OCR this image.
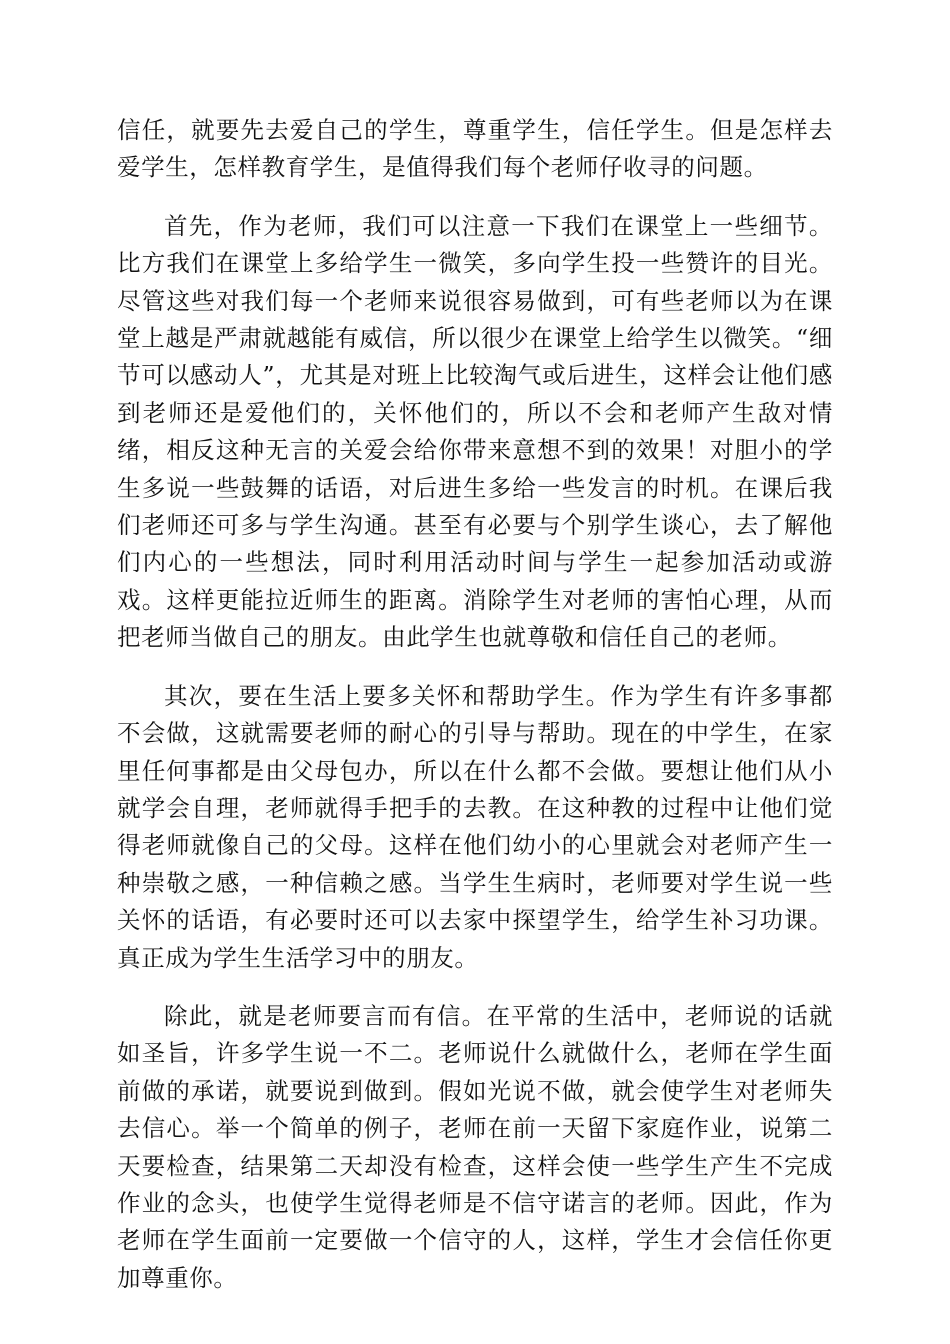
信任，就要先去爱自己的学生，尊重学生，信任学生。但是怎样去爱学生，怎样教育学生，是值得我们每个老师仔收寻的问题。

首先，作为老师，我们可以注意一下我们在课堂上一些细节。比方我们在课堂上多给学生一微笑，多向学生投一些赞许的目光。尽管这些对我们每一个老师来说很容易做到，可有些老师以为在课堂上越是严肃就越能有威信，所以很少在课堂上给学生以微笑。“细节可以感动人”，尤其是对班上比较淘气或后进生，这样会让他们感到老师还是爱他们的，关怀他们的，所以不会和老师产生敌对情绪，相反这种无言的关爱会给你带来意想不到的效果！对胆小的学生多说一些鼓舞的话语，对后进生多给一些发言的时机。在课后我们老师还可多与学生沟通。甚至有必要与个别学生谈心，去了解他们内心的一些想法，同时利用活动时间与学生一起参加活动或游戏。这样更能拉近师生的距离。消除学生对老师的害怕心理，从而把老师当做自己的朋友。由此学生也就尊敬和信任自己的老师。

其次，要在生活上要多关怀和帮助学生。作为学生有许多事都不会做，这就需要老师的耐心的引导与帮助。现在的中学生，在家里任何事都是由父母包办，所以在什么都不会做。要想让他们从小就学会自理，老师就得手把手的去教。在这种教的过程中让他们觉得老师就像自己的父母。这样在他们幼小的心里就会对老师产生一种崇敬之感，一种信赖之感。当学生生病时，老师要对学生说一些关怀的话语，有必要时还可以去家中探望学生，给学生补习功课。真正成为学生生活学习中的朋友。

除此，就是老师要言而有信。在平常的生活中，老师说的话就如圣旨，许多学生说一不二。老师说什么就做什么，老师在学生面前做的承诺，就要说到做到。假如光说不做，就会使学生对老师失去信心。举一个简单的例子，老师在前一天留下家庭作业，说第二天要检查，结果第二天却没有检查，这样会使一些学生产生不完成作业的念头，也使学生觉得老师是不信守诺言的老师。因此，作为老师在学生面前一定要做一个信守的人，这样，学生才会信任你更加尊重你。
